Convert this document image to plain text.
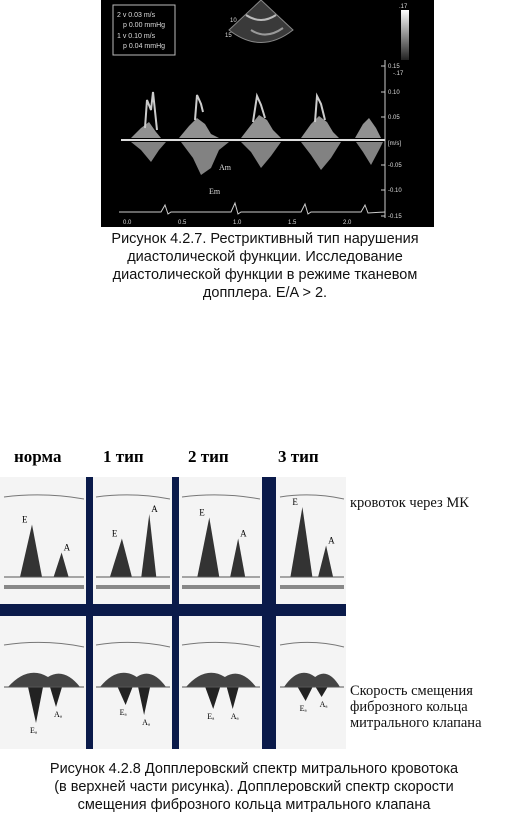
2 v 0.03 m/s
p 0.00 mmHg
1 v 0.10 m/s
p 0.04 mmHg
10
15
.17
-.17
0.15
0.10
0.05
-0.05
-0.10
-0.15
[m/s]
Am
Em
0.0	0.5	1.0	1.5	2.0
Рисунок 4.2.7. Рестриктивный тип нарушения
диастолической функции. Исследование
диастолической функции в режиме тканевом
допплера. E/A > 2.
норма 1 тип	2 тип	3 тип
E
A
Eₐ
Aₐ
E
A
Eₐ
Aₐ
E
A
Eₐ Aₐ
E
A
Eₐ Aₐ
кровоток через МК
Скорость смещения
фиброзного кольца
митрального клапана
Рисунок 4.2.8 Допплеровский спектр митрального кровотока
(в верхней части рисунка). Допплеровский спектр скорости
смещения фиброзного кольца митрального клапана
